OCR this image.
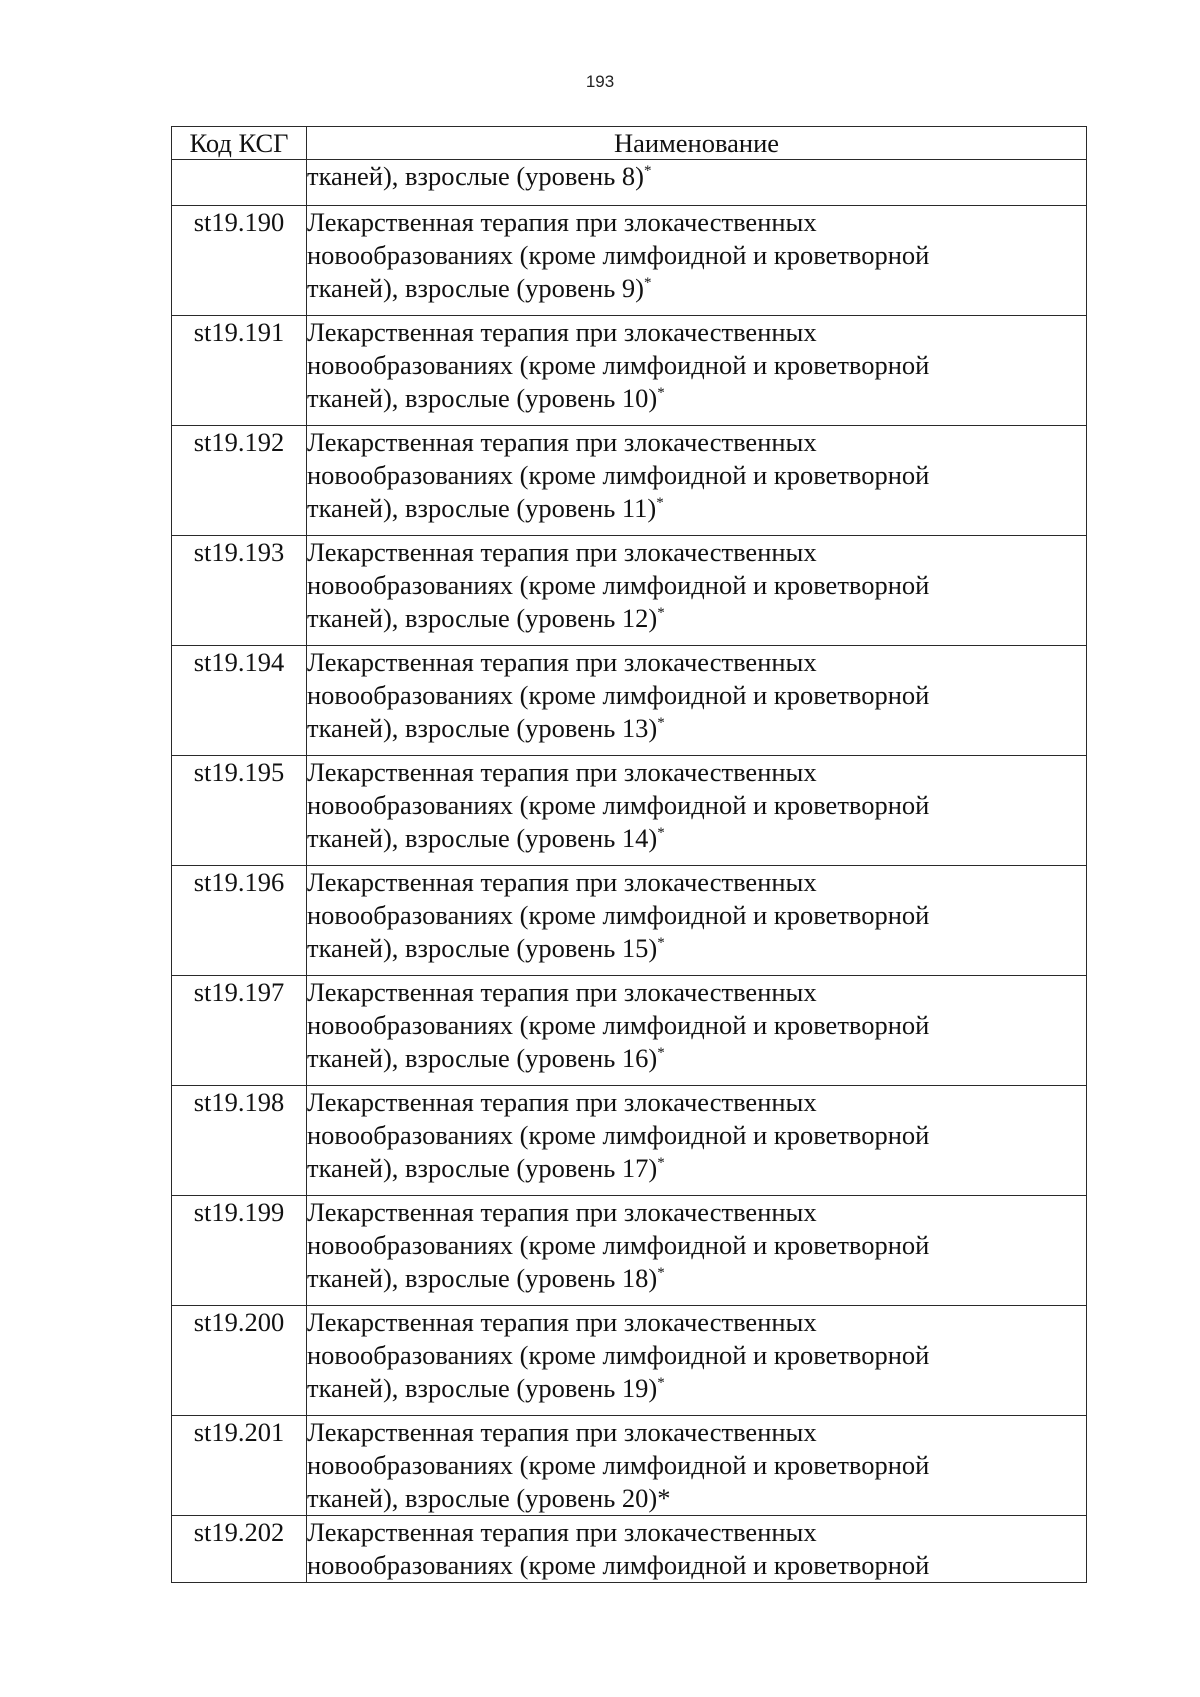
193
Код КСГ	Наименование

	тканей), взрослые (уровень 8)*

st19.190	Лекарственная терапия при злокачественных
новообразованиях (кроме лимфоидной и кроветворной
тканей), взрослые (уровень 9)*

st19.191	Лекарственная терапия при злокачественных
новообразованиях (кроме лимфоидной и кроветворной
тканей), взрослые (уровень 10)*

st19.192	Лекарственная терапия при злокачественных
новообразованиях (кроме лимфоидной и кроветворной
тканей), взрослые (уровень 11)*

st19.193	Лекарственная терапия при злокачественных
новообразованиях (кроме лимфоидной и кроветворной
тканей), взрослые (уровень 12)*

st19.194	Лекарственная терапия при злокачественных
новообразованиях (кроме лимфоидной и кроветворной
тканей), взрослые (уровень 13)*

st19.195	Лекарственная терапия при злокачественных
новообразованиях (кроме лимфоидной и кроветворной
тканей), взрослые (уровень 14)*

st19.196	Лекарственная терапия при злокачественных
новообразованиях (кроме лимфоидной и кроветворной
тканей), взрослые (уровень 15)*

st19.197	Лекарственная терапия при злокачественных
новообразованиях (кроме лимфоидной и кроветворной
тканей), взрослые (уровень 16)*

st19.198	Лекарственная терапия при злокачественных
новообразованиях (кроме лимфоидной и кроветворной
тканей), взрослые (уровень 17)*

st19.199	Лекарственная терапия при злокачественных
новообразованиях (кроме лимфоидной и кроветворной
тканей), взрослые (уровень 18)*

st19.200	Лекарственная терапия при злокачественных
новообразованиях (кроме лимфоидной и кроветворной
тканей), взрослые (уровень 19)*

st19.201	Лекарственная терапия при злокачественных
новообразованиях (кроме лимфоидной и кроветворной
тканей), взрослые (уровень 20)*

st19.202	Лекарственная терапия при злокачественных
новообразованиях (кроме лимфоидной и кроветворной
